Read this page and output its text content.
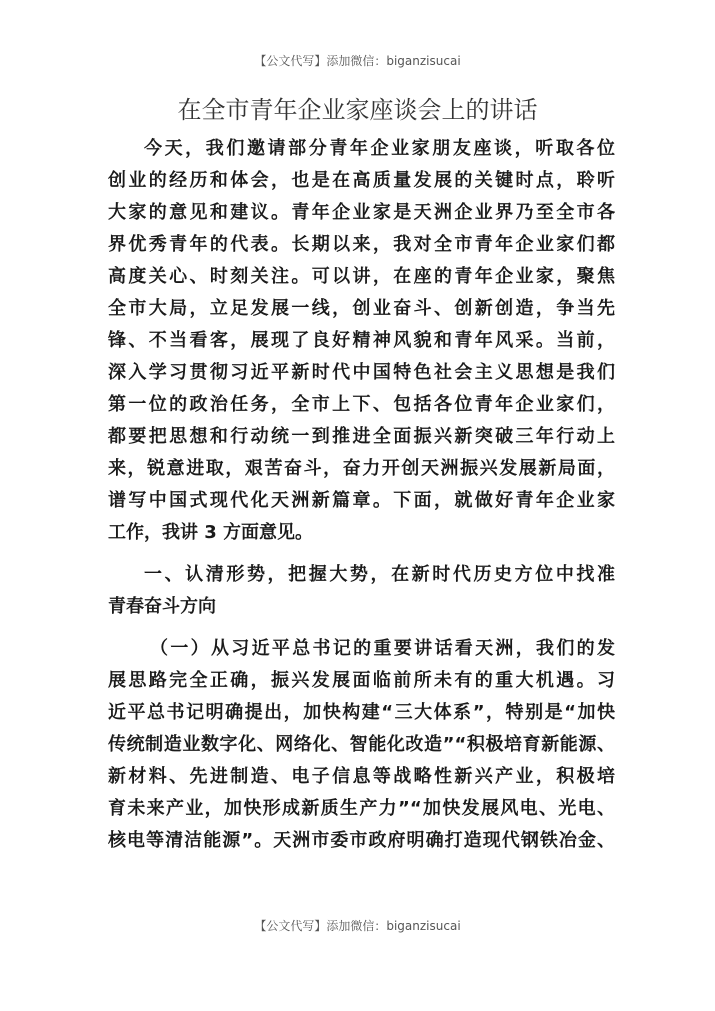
【公文代写】添加微信：biganzisucai
在全市青年企业家座谈会上的讲话
今天，我们邀请部分青年企业家朋友座谈，听取各位
创业的经历和体会，也是在高质量发展的关键时点，聆听
大家的意见和建议。青年企业家是天洲企业界乃至全市各
界优秀青年的代表。长期以来，我对全市青年企业家们都
高度关心、时刻关注。可以讲，在座的青年企业家，聚焦
全市大局，立足发展一线，创业奋斗、创新创造，争当先
锋、不当看客，展现了良好精神风貌和青年风采。当前，
深入学习贯彻习近平新时代中国特色社会主义思想是我们
第一位的政治任务，全市上下、包括各位青年企业家们，
都要把思想和行动统一到推进全面振兴新突破三年行动上
来，锐意进取，艰苦奋斗，奋力开创天洲振兴发展新局面，
谱写中国式现代化天洲新篇章。下面，就做好青年企业家
工作，我讲 3 方面意见。
一、认清形势，把握大势，在新时代历史方位中找准
青春奋斗方向
（一）从习近平总书记的重要讲话看天洲，我们的发
展思路完全正确，振兴发展面临前所未有的重大机遇。习
近平总书记明确提出，加快构建“三大体系”，特别是“加快
传统制造业数字化、网络化、智能化改造”“积极培育新能源、
新材料、先进制造、电子信息等战略性新兴产业，积极培
育未来产业，加快形成新质生产力”“加快发展风电、光电、
核电等清洁能源”。天洲市委市政府明确打造现代钢铁冶金、
【公文代写】添加微信：biganzisucai
